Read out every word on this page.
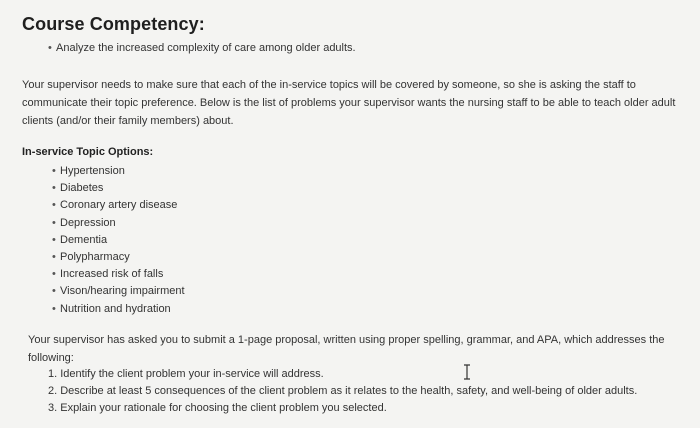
Course Competency:
• Analyze the increased complexity of care among older adults.
Your supervisor needs to make sure that each of the in-service topics will be covered by someone, so she is asking the staff to communicate their topic preference. Below is the list of problems your supervisor wants the nursing staff to be able to teach older adult clients (and/or their family members) about.
In-service Topic Options:
• Hypertension
• Diabetes
• Coronary artery disease
• Depression
• Dementia
• Polypharmacy
• Increased risk of falls
• Vison/hearing impairment
• Nutrition and hydration
Your supervisor has asked you to submit a 1-page proposal, written using proper spelling, grammar, and APA, which addresses the following:
1. Identify the client problem your in-service will address.
2. Describe at least 5 consequences of the client problem as it relates to the health, safety, and well-being of older adults.
3. Explain your rationale for choosing the client problem you selected.
